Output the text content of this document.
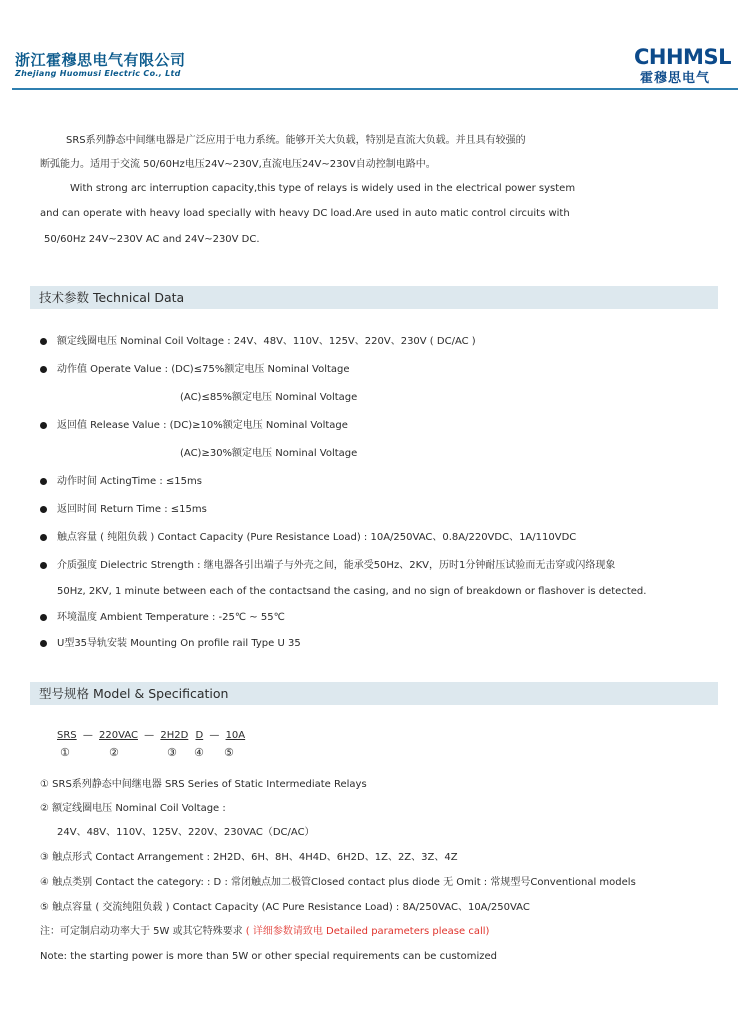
浙江霍穆思电气有限公司
Zhejiang Huomusi Electric Co., Ltd
CHHMSL
霍穆思电气
SRS系列静态中间继电器是广泛应用于电力系统。能够开关大负载，特别是直流大负载。并且具有较强的
断弧能力。适用于交流 50/60Hz电压24V~230V,直流电压24V~230V自动控制电路中。
With strong arc interruption capacity,this type of relays is widely used in the electrical power system
and can operate with heavy load specially with heavy DC load.Are used in auto matic control circuits with
50/60Hz 24V~230V AC and 24V~230V DC.
技术参数 Technical Data
额定线圈电压 Nominal Coil Voltage : 24V、48V、110V、125V、220V、230V ( DC/AC )
动作值 Operate Value : (DC)≤75%额定电压 Nominal Voltage
(AC)≤85%额定电压 Nominal Voltage
返回值 Release Value : (DC)≥10%额定电压 Nominal Voltage
(AC)≥30%额定电压 Nominal Voltage
动作时间 ActingTime : ≤15ms
返回时间 Return Time : ≤15ms
触点容量 ( 纯阻负载 ) Contact Capacity (Pure Resistance Load) : 10A/250VAC、0.8A/220VDC、1A/110VDC
介质强度 Dielectric Strength : 继电器各引出端子与外壳之间，能承受50Hz、2KV，历时1分钟耐压试验而无击穿或闪络现象
50Hz, 2KV, 1 minute between each of the contactsand the casing, and no sign of breakdown or flashover is detected.
环境温度 Ambient Temperature : -25℃ ~ 55℃
U型35导轨安装 Mounting On profile rail Type U 35
型号规格 Model & Specification
SRS — 220VAC — 2H2D D — 10A
①	②	③ ④ ⑤
① SRS系列静态中间继电器 SRS Series of Static Intermediate Relays
② 额定线圈电压 Nominal Coil Voltage :
24V、48V、110V、125V、220V、230VAC（DC/AC）
③ 触点形式 Contact Arrangement : 2H2D、6H、8H、4H4D、6H2D、1Z、2Z、3Z、4Z
④ 触点类别 Contact the category: : D : 常闭触点加二极管Closed contact plus diode 无 Omit : 常规型号Conventional models
⑤ 触点容量 ( 交流纯阻负载 ) Contact Capacity (AC Pure Resistance Load) : 8A/250VAC、10A/250VAC
注：可定制启动功率大于 5W 或其它特殊要求 ( 详细参数请致电 Detailed parameters please call)
Note: the starting power is more than 5W or other special requirements can be customized
